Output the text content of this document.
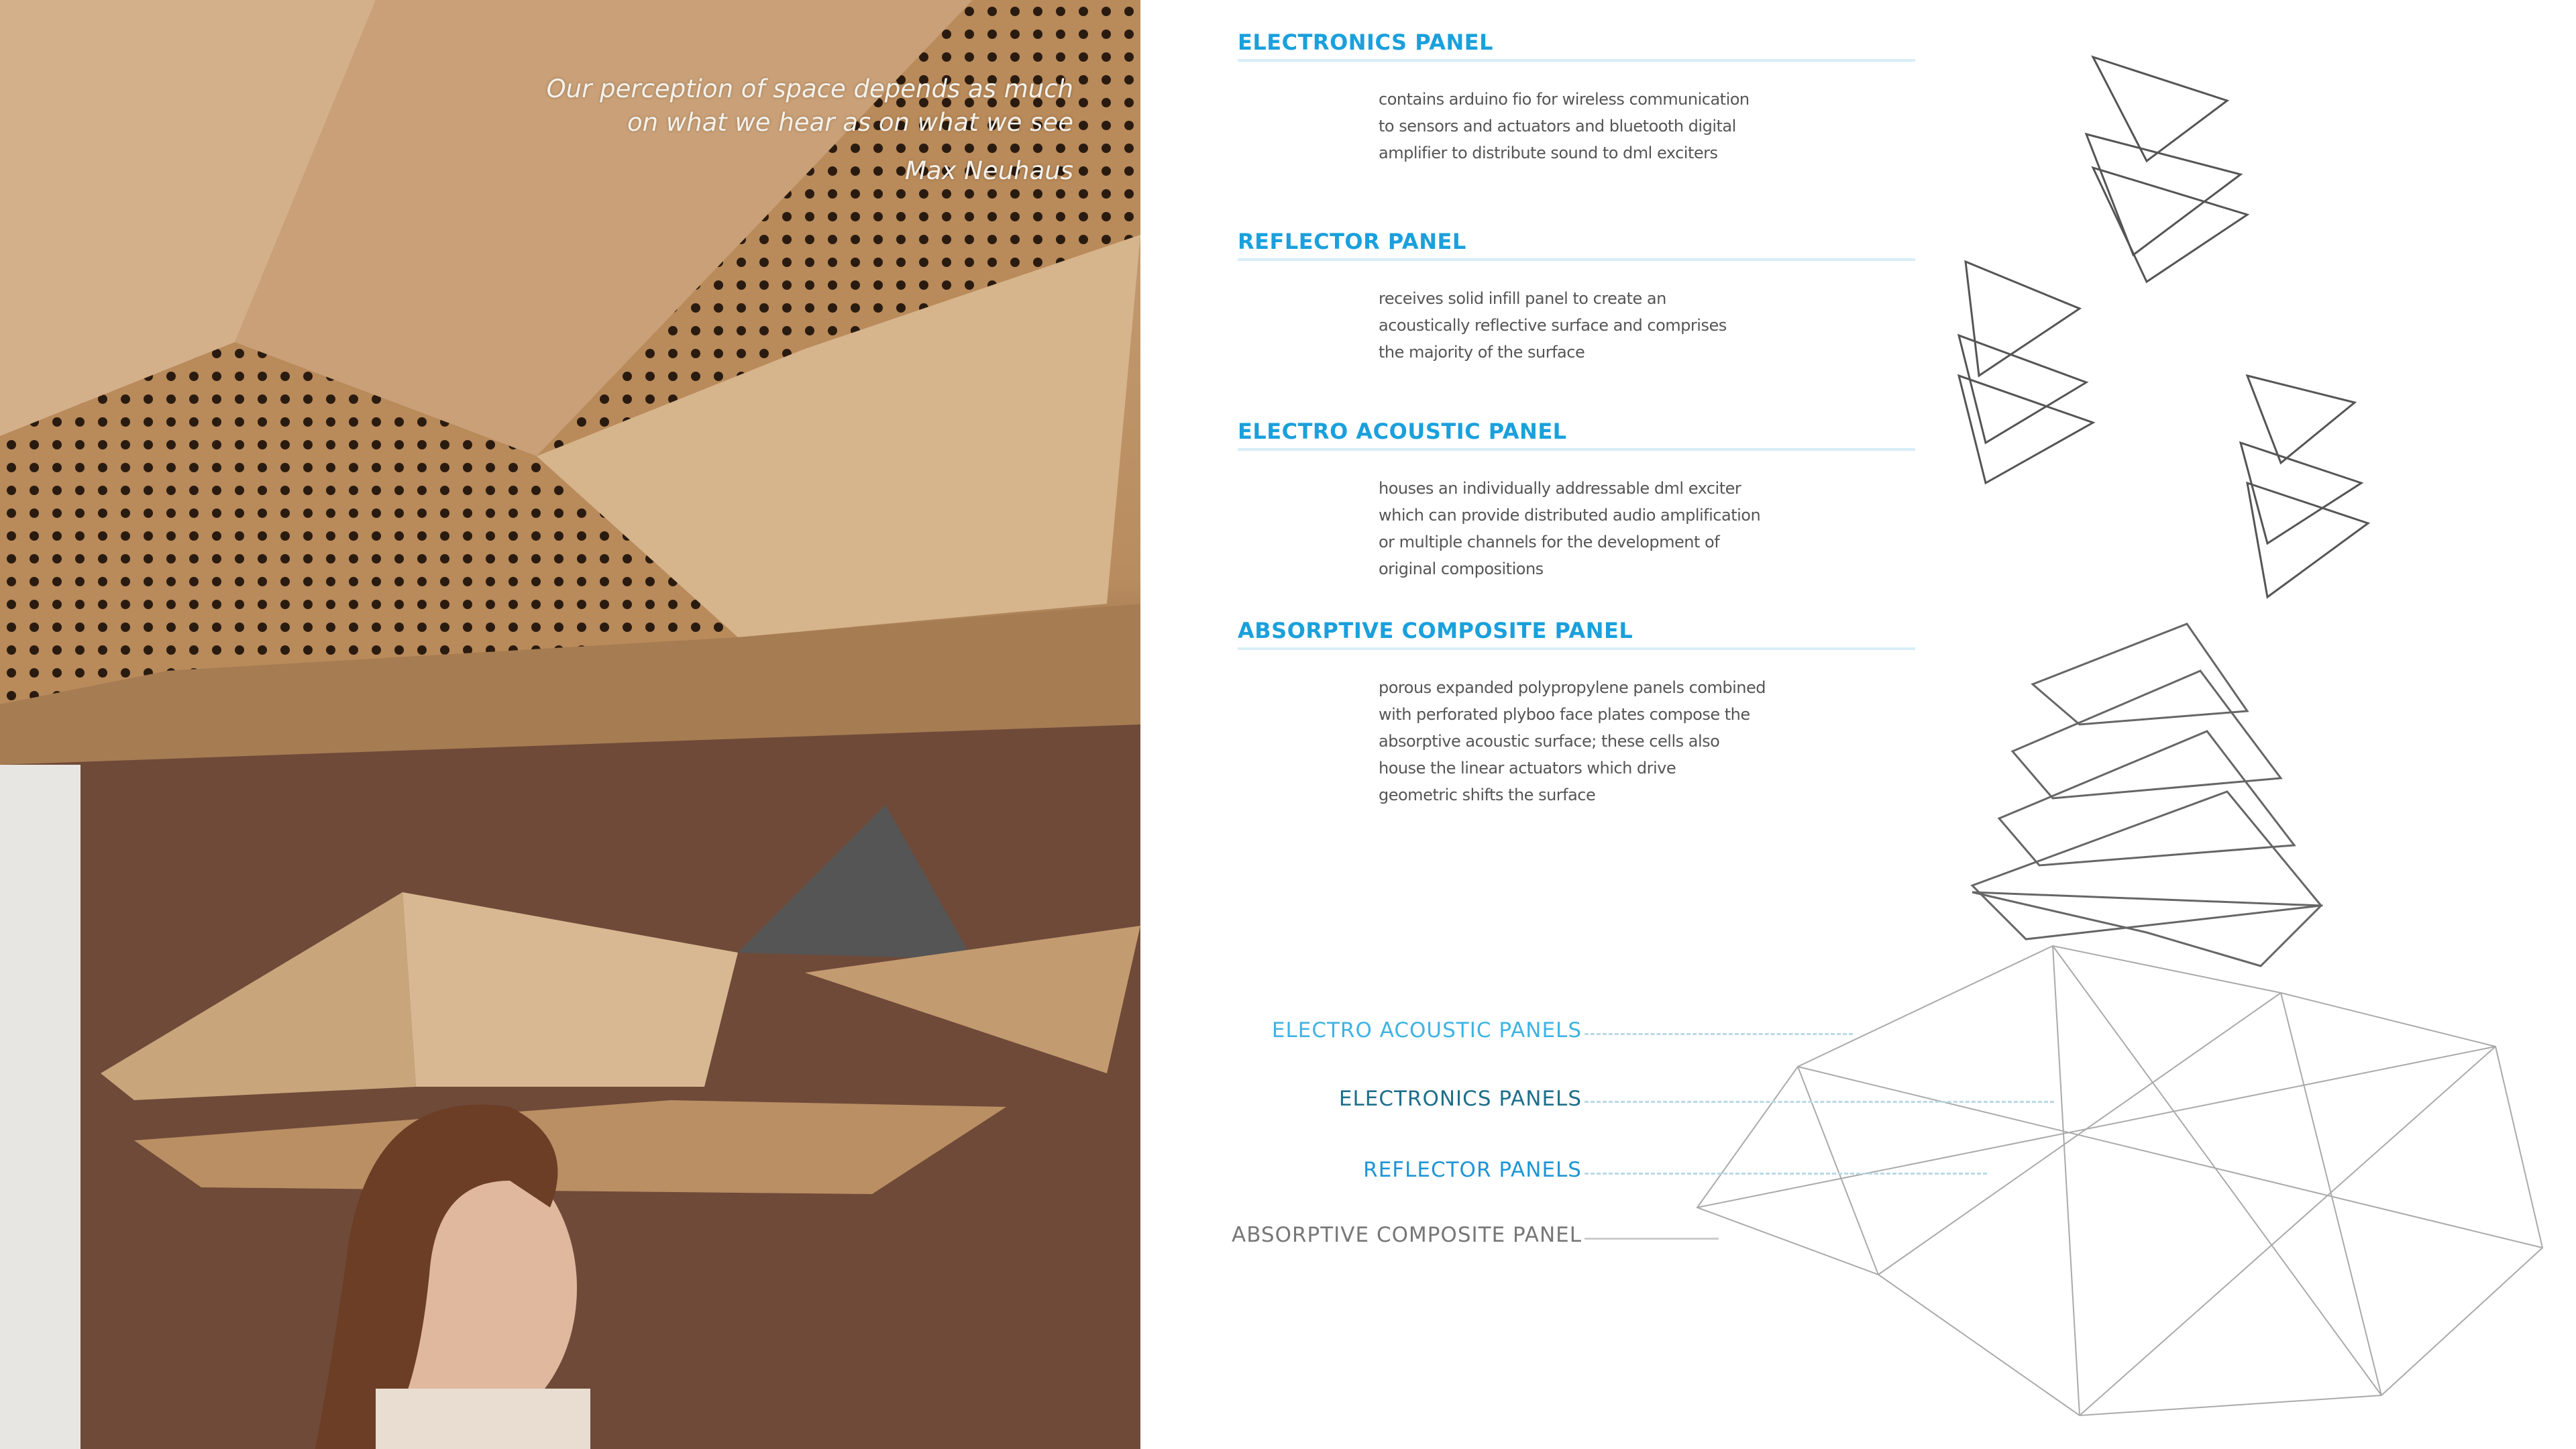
Our perception of space depends as much
on what we hear as on what we see
Max Neuhaus
ELECTRONICS PANEL
contains arduino fio for wireless communication
to sensors and actuators and bluetooth digital
amplifier to distribute sound to dml exciters
REFLECTOR PANEL
receives solid infill panel to create an
acoustically reflective surface and comprises
the majority of the surface
ELECTRO ACOUSTIC PANEL
houses an individually addressable dml exciter
which can provide distributed audio amplification
or multiple channels for the development of
original compositions
ABSORPTIVE COMPOSITE PANEL
porous expanded polypropylene panels combined
with perforated plyboo face plates compose the
absorptive acoustic surface; these cells also
house the linear actuators which drive
geometric shifts the surface
ELECTRO ACOUSTIC PANELS
ELECTRONICS PANELS
REFLECTOR PANELS
ABSORPTIVE COMPOSITE PANEL
